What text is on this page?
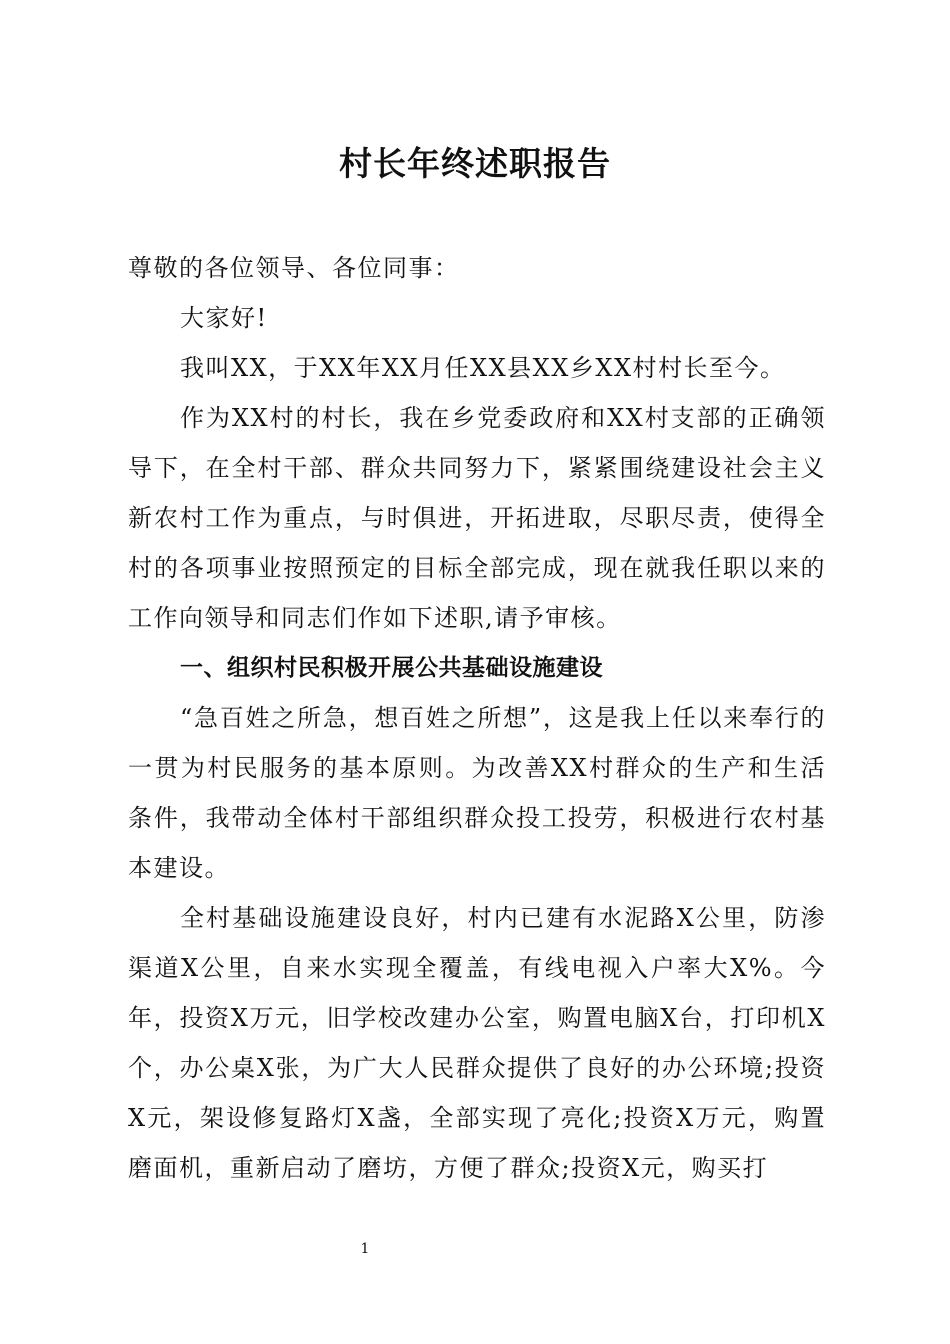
村长年终述职报告

尊敬的各位领导、各位同事：

大家好!

我叫XX，于XX年XX月任XX县XX乡XX村村长至今。

作为XX村的村长，我在乡党委政府和XX村支部的正确领导下，在全村干部、群众共同努力下，紧紧围绕建设社会主义新农村工作为重点，与时俱进，开拓进取，尽职尽责，使得全村的各项事业按照预定的目标全部完成，现在就我任职以来的工作向领导和同志们作如下述职,请予审核。

一、组织村民积极开展公共基础设施建设

“急百姓之所急，想百姓之所想”，这是我上任以来奉行的一贯为村民服务的基本原则。为改善XX村群众的生产和生活条件，我带动全体村干部组织群众投工投劳，积极进行农村基本建设。

全村基础设施建设良好，村内已建有水泥路X公里，防渗渠道X公里，自来水实现全覆盖，有线电视入户率大X%。今年，投资X万元，旧学校改建办公室，购置电脑X台，打印机X个，办公桌X张，为广大人民群众提供了良好的办公环境;投资X元，架设修复路灯X盏，全部实现了亮化;投资X万元，购置磨面机，重新启动了磨坊，方便了群众;投资X元，购买打

1
